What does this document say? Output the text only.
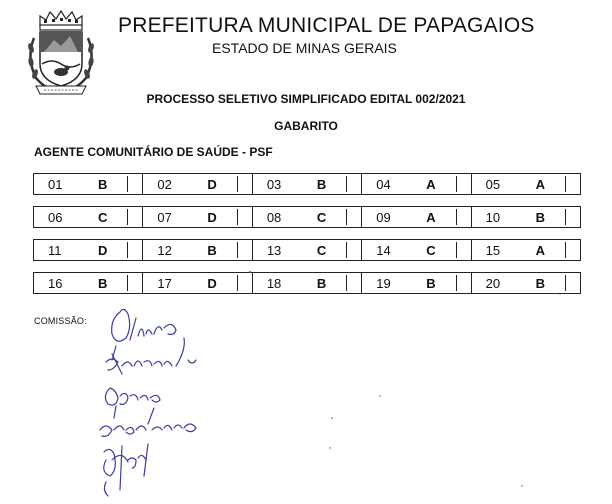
PREFEITURA MUNICIPAL DE PAPAGAIOS
ESTADO DE MINAS GERAIS
PROCESSO SELETIVO SIMPLIFICADO EDITAL 002/2021
GABARITO
AGENTE COMUNITÁRIO DE SAÚDE - PSF
01	B	02	D	03	B	04	A	05	A
06	C	07	D	08	C	09	A	10	B
11	D	12	B	13	C	14	C	15	A
16	B	17	D	18	B	19	B	20	B
COMISSÃO:
